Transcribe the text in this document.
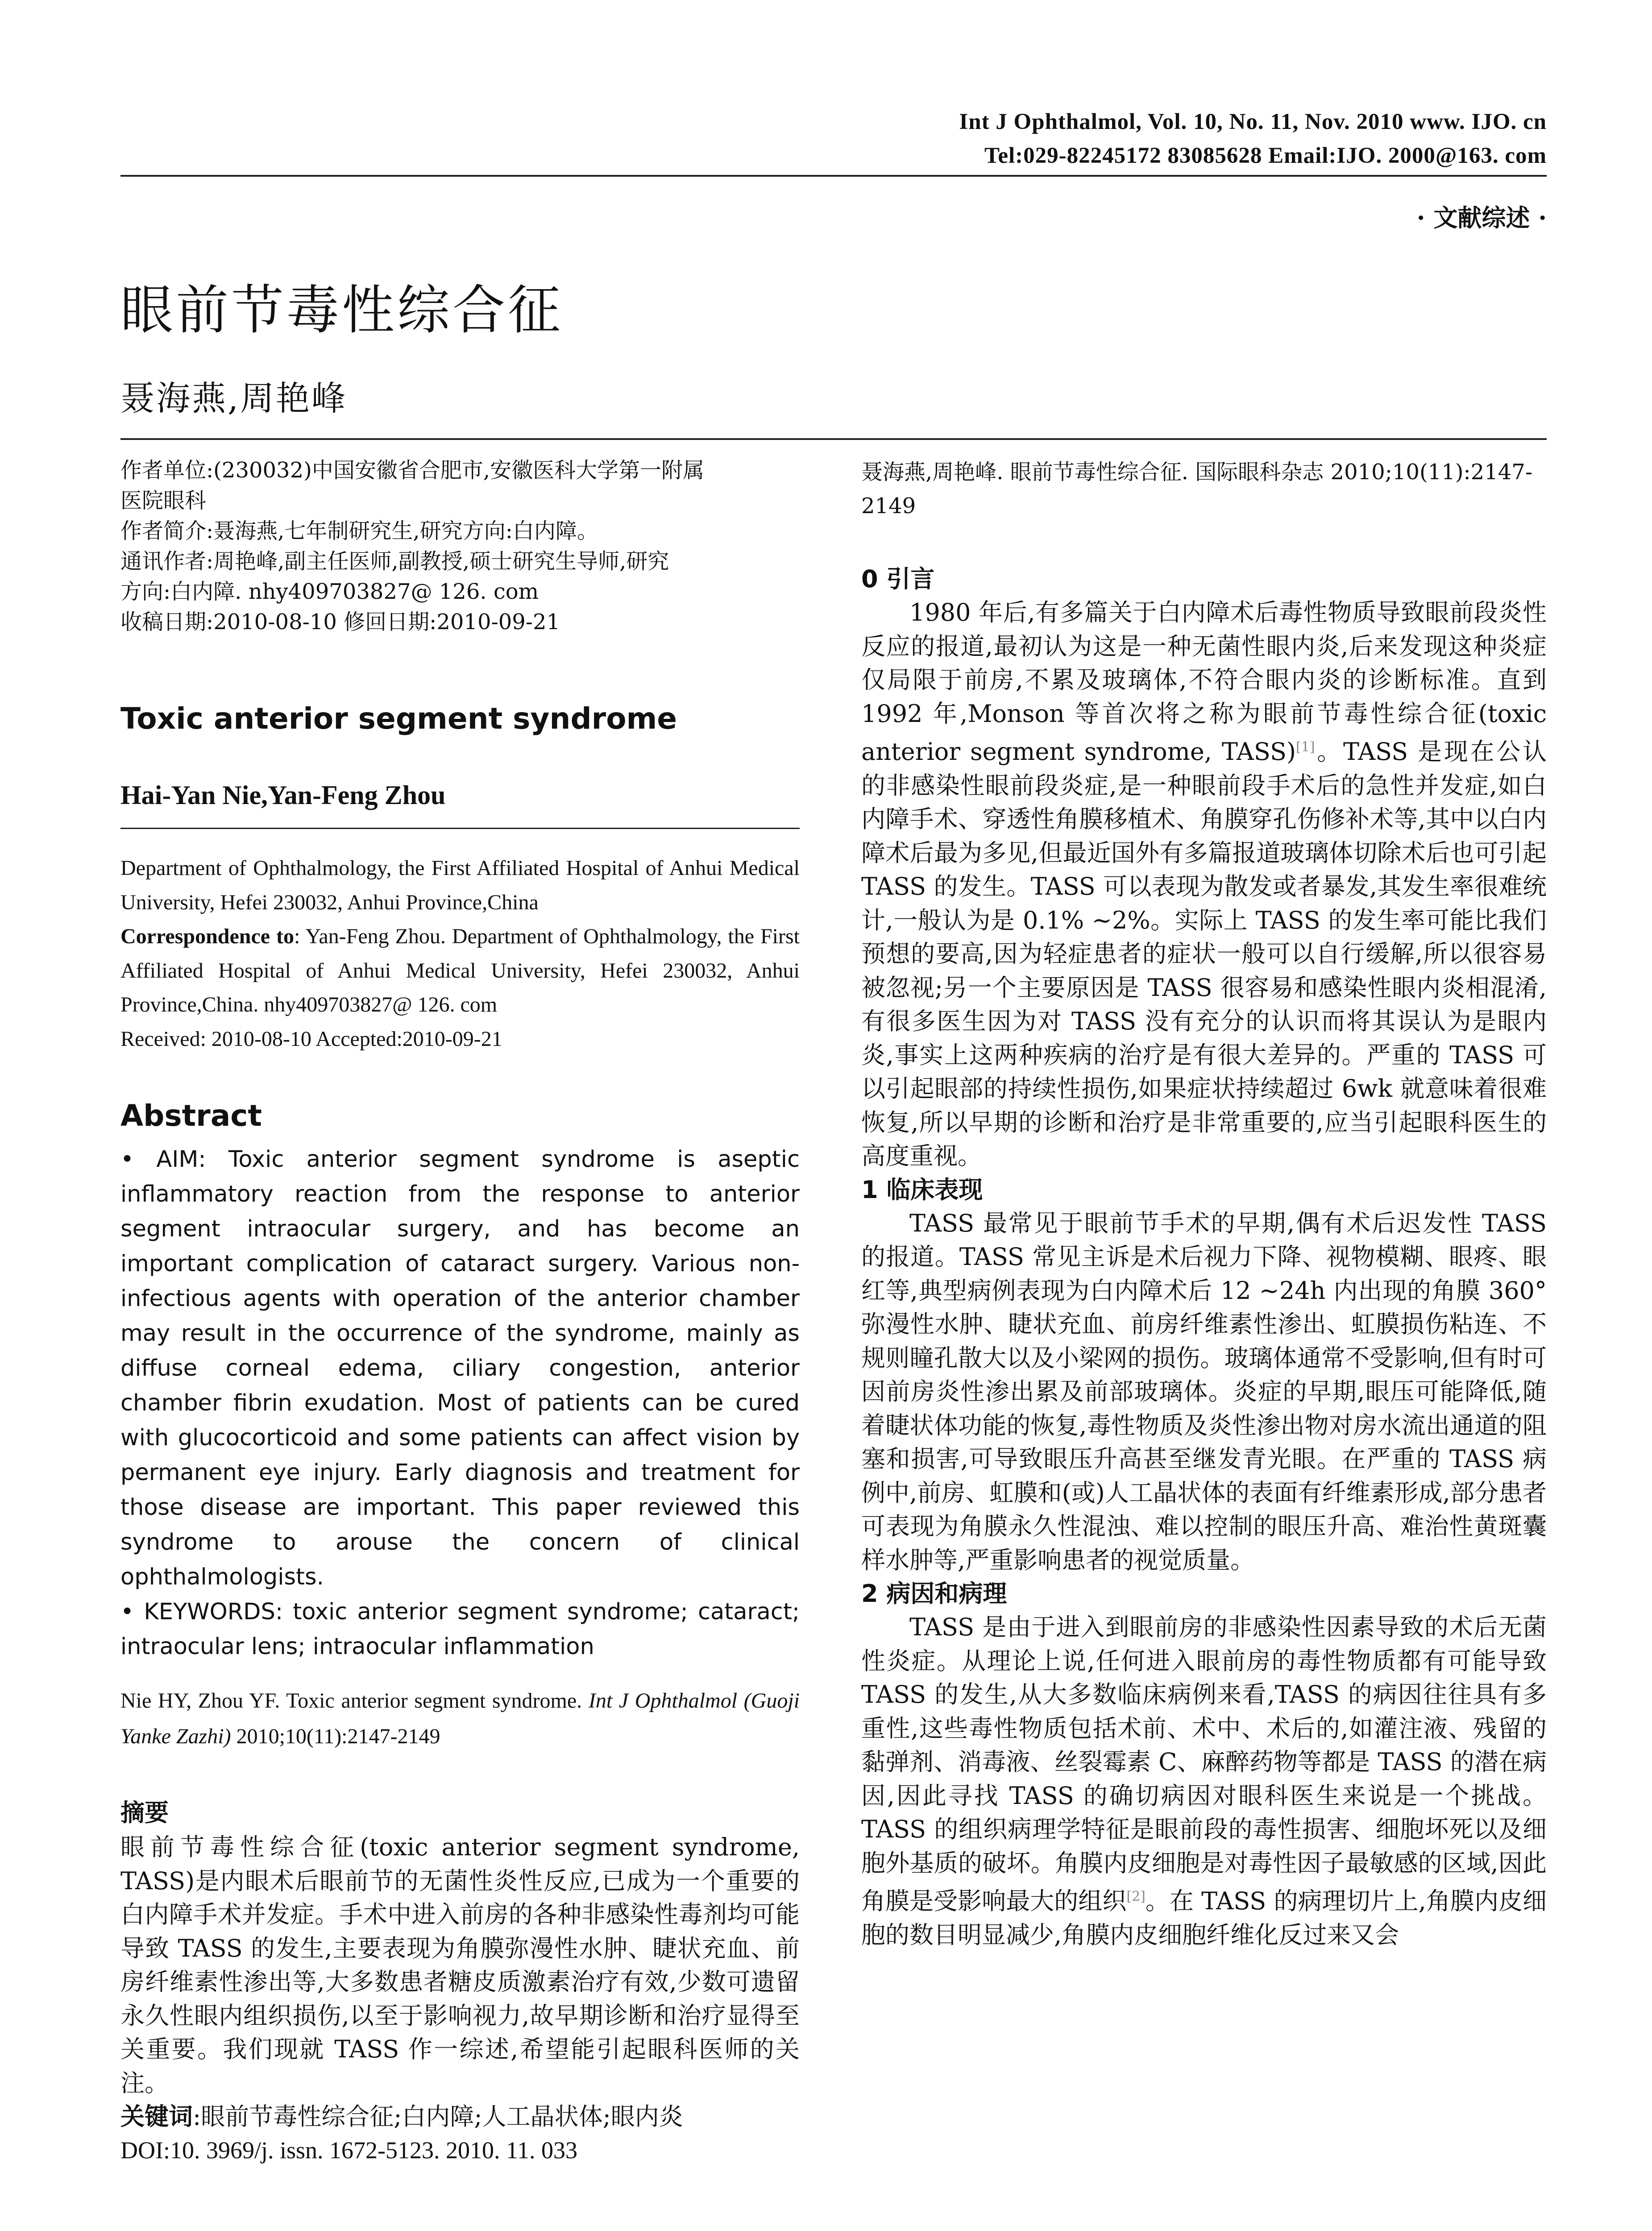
Int J Ophthalmol, Vol. 10, No. 11, Nov. 2010 www. IJO. cn
Tel:029-82245172 83085628 Email:IJO. 2000@163. com
· 文献综述 ·
眼前节毒性综合征
聂海燕,周艳峰

作者单位:(230032)中国安徽省合肥市,安徽医科大学第一附属

医院眼科

作者简介:聂海燕,七年制研究生,研究方向:白内障。

通讯作者:周艳峰,副主任医师,副教授,硕士研究生导师,研究

方向:白内障. nhy409703827@ 126. com

收稿日期:2010-08-10 修回日期:2010-09-21

Toxic anterior segment syndrome
Hai-Yan Nie,Yan-Feng Zhou

Department of Ophthalmology, the First Affiliated Hospital of Anhui Medical University, Hefei 230032, Anhui Province,China

Correspondence to: Yan-Feng Zhou. Department of Ophthalmology, the First Affiliated Hospital of Anhui Medical University, Hefei 230032, Anhui Province,China. nhy409703827@ 126. com

Received: 2010-08-10 Accepted:2010-09-21

Abstract

• AIM: Toxic anterior segment syndrome is aseptic inflammatory reaction from the response to anterior segment intraocular surgery, and has become an important complication of cataract surgery. Various non-infectious agents with operation of the anterior chamber may result in the occurrence of the syndrome, mainly as diffuse corneal edema, ciliary congestion, anterior chamber fibrin exudation. Most of patients can be cured with glucocorticoid and some patients can affect vision by permanent eye injury. Early diagnosis and treatment for those disease are important. This paper reviewed this syndrome to arouse the concern of clinical ophthalmologists.

• KEYWORDS: toxic anterior segment syndrome; cataract; intraocular lens; intraocular inflammation

Nie HY, Zhou YF. Toxic anterior segment syndrome. Int J Ophthalmol (Guoji Yanke Zazhi) 2010;10(11):2147-2149

摘要

眼前节毒性综合征(toxic anterior segment syndrome, TASS)是内眼术后眼前节的无菌性炎性反应,已成为一个重要的白内障手术并发症。手术中进入前房的各种非感染性毒剂均可能导致 TASS 的发生,主要表现为角膜弥漫性水肿、睫状充血、前房纤维素性渗出等,大多数患者糖皮质激素治疗有效,少数可遗留永久性眼内组织损伤,以至于影响视力,故早期诊断和治疗显得至关重要。我们现就 TASS 作一综述,希望能引起眼科医师的关注。

关键词:眼前节毒性综合征;白内障;人工晶状体;眼内炎

DOI:10. 3969/j. issn. 1672-5123. 2010. 11. 033

聂海燕,周艳峰. 眼前节毒性综合征. 国际眼科杂志 2010;10(11):2147-2149

0 引言

1980 年后,有多篇关于白内障术后毒性物质导致眼前段炎性反应的报道,最初认为这是一种无菌性眼内炎,后来发现这种炎症仅局限于前房,不累及玻璃体,不符合眼内炎的诊断标准。直到 1992 年,Monson 等首次将之称为眼前节毒性综合征(toxic anterior segment syndrome, TASS)[1]。TASS 是现在公认的非感染性眼前段炎症,是一种眼前段手术后的急性并发症,如白内障手术、穿透性角膜移植术、角膜穿孔伤修补术等,其中以白内障术后最为多见,但最近国外有多篇报道玻璃体切除术后也可引起 TASS 的发生。TASS 可以表现为散发或者暴发,其发生率很难统计,一般认为是 0.1% ~2%。实际上 TASS 的发生率可能比我们预想的要高,因为轻症患者的症状一般可以自行缓解,所以很容易被忽视;另一个主要原因是 TASS 很容易和感染性眼内炎相混淆,有很多医生因为对 TASS 没有充分的认识而将其误认为是眼内炎,事实上这两种疾病的治疗是有很大差异的。严重的 TASS 可以引起眼部的持续性损伤,如果症状持续超过 6wk 就意味着很难恢复,所以早期的诊断和治疗是非常重要的,应当引起眼科医生的高度重视。

1 临床表现

TASS 最常见于眼前节手术的早期,偶有术后迟发性 TASS 的报道。TASS 常见主诉是术后视力下降、视物模糊、眼疼、眼红等,典型病例表现为白内障术后 12 ~24h 内出现的角膜 360°弥漫性水肿、睫状充血、前房纤维素性渗出、虹膜损伤粘连、不规则瞳孔散大以及小梁网的损伤。玻璃体通常不受影响,但有时可因前房炎性渗出累及前部玻璃体。炎症的早期,眼压可能降低,随着睫状体功能的恢复,毒性物质及炎性渗出物对房水流出通道的阻塞和损害,可导致眼压升高甚至继发青光眼。在严重的 TASS 病例中,前房、虹膜和(或)人工晶状体的表面有纤维素形成,部分患者可表现为角膜永久性混浊、难以控制的眼压升高、难治性黄斑囊样水肿等,严重影响患者的视觉质量。

2 病因和病理

TASS 是由于进入到眼前房的非感染性因素导致的术后无菌性炎症。从理论上说,任何进入眼前房的毒性物质都有可能导致 TASS 的发生,从大多数临床病例来看,TASS 的病因往往具有多重性,这些毒性物质包括术前、术中、术后的,如灌注液、残留的黏弹剂、消毒液、丝裂霉素 C、麻醉药物等都是 TASS 的潜在病因,因此寻找 TASS 的确切病因对眼科医生来说是一个挑战。TASS 的组织病理学特征是眼前段的毒性损害、细胞坏死以及细胞外基质的破坏。角膜内皮细胞是对毒性因子最敏感的区域,因此角膜是受影响最大的组织[2]。在 TASS 的病理切片上,角膜内皮细胞的数目明显减少,角膜内皮细胞纤维化反过来又会
